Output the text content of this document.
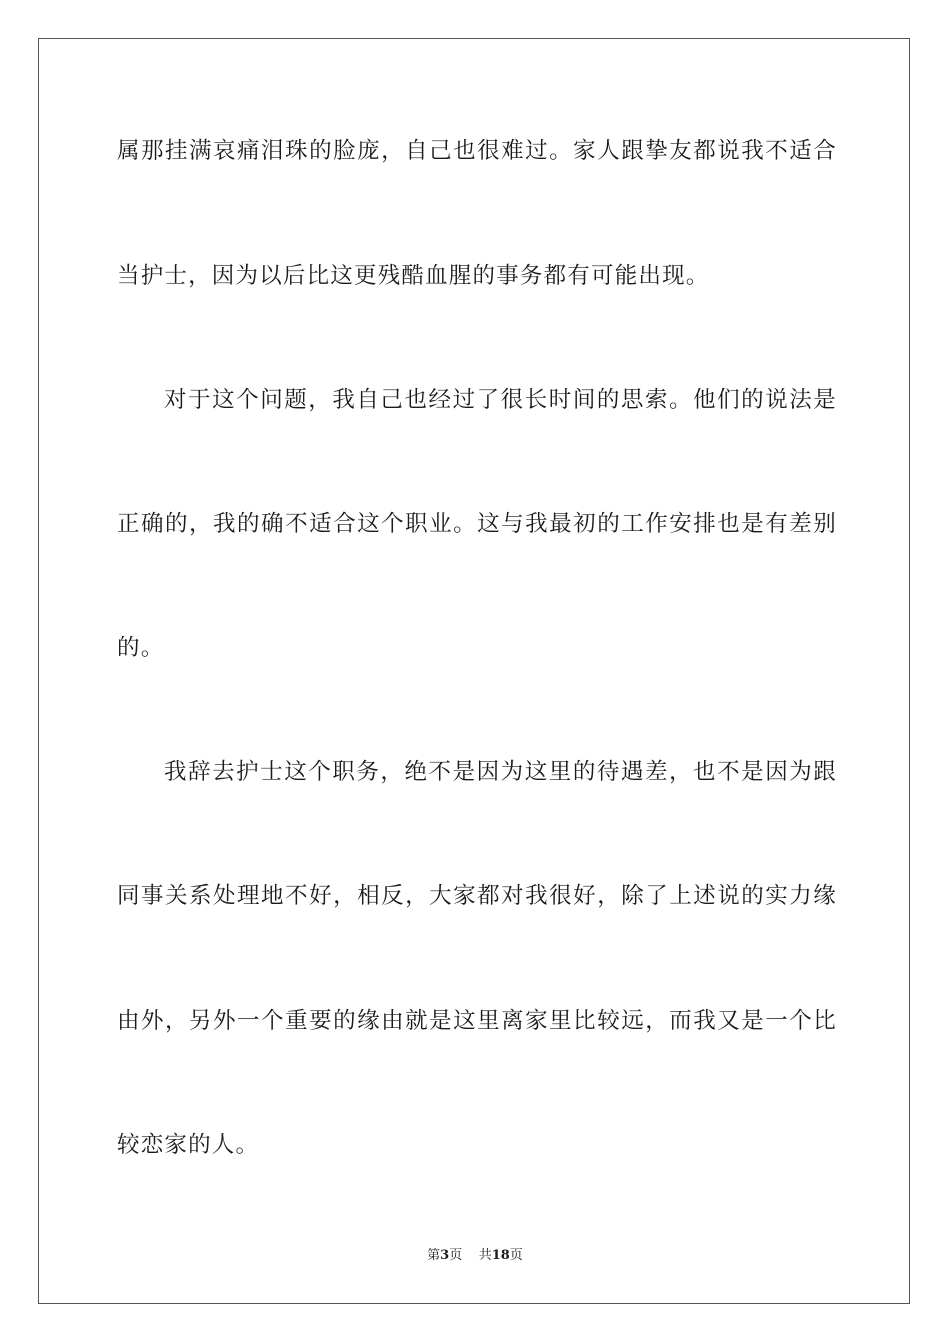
属那挂满哀痛泪珠的脸庞，自己也很难过。家人跟挚友都说我不适合
当护士，因为以后比这更残酷血腥的事务都有可能出现。
对于这个问题，我自己也经过了很长时间的思索。他们的说法是
正确的，我的确不适合这个职业。这与我最初的工作安排也是有差别
的。
我辞去护士这个职务，绝不是因为这里的待遇差，也不是因为跟
同事关系处理地不好，相反，大家都对我很好，除了上述说的实力缘
由外，另外一个重要的缘由就是这里离家里比较远，而我又是一个比
较恋家的人。
第3页 共18页
